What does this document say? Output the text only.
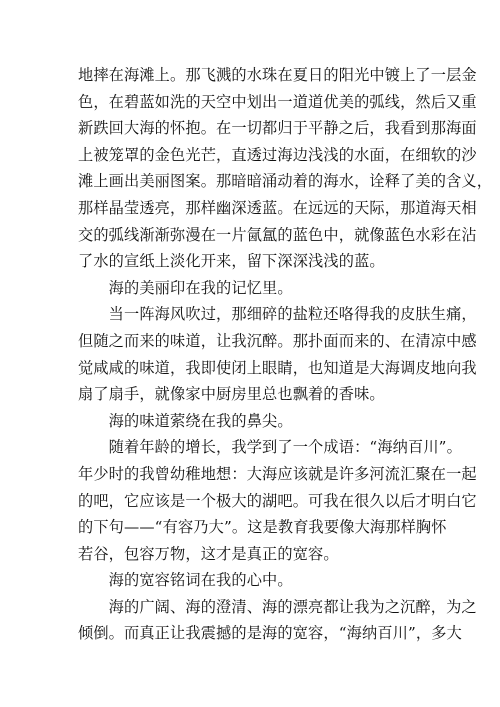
地摔在海滩上。那飞溅的水珠在夏日的阳光中镀上了一层金
色，在碧蓝如洗的天空中划出一道道优美的弧线，然后又重
新跌回大海的怀抱。在一切都归于平静之后，我看到那海面
上被笼罩的金色光芒，直透过海边浅浅的水面，在细软的沙
滩上画出美丽图案。那暗暗涌动着的海水，诠释了美的含义，
那样晶莹透亮，那样幽深透蓝。在远远的天际，那道海天相
交的弧线渐渐弥漫在一片氤氲的蓝色中，就像蓝色水彩在沾
了水的宣纸上淡化开来，留下深深浅浅的蓝。
　　海的美丽印在我的记忆里。
　　当一阵海风吹过，那细碎的盐粒还咯得我的皮肤生痛，
但随之而来的味道，让我沉醉。那扑面而来的、在清凉中感
觉咸咸的味道，我即使闭上眼睛，也知道是大海调皮地向我
扇了扇手，就像家中厨房里总也飘着的香味。
　　海的味道萦绕在我的鼻尖。
　　随着年龄的增长，我学到了一个成语：“海纳百川”。
年少时的我曾幼稚地想：大海应该就是许多河流汇聚在一起
的吧，它应该是一个极大的湖吧。可我在很久以后才明白它
的下句——“有容乃大”。这是教育我要像大海那样胸怀
若谷，包容万物，这才是真正的宽容。
　　海的宽容铭词在我的心中。
　　海的广阔、海的澄清、海的漂亮都让我为之沉醉，为之
倾倒。而真正让我震撼的是海的宽容，“海纳百川”，多大
